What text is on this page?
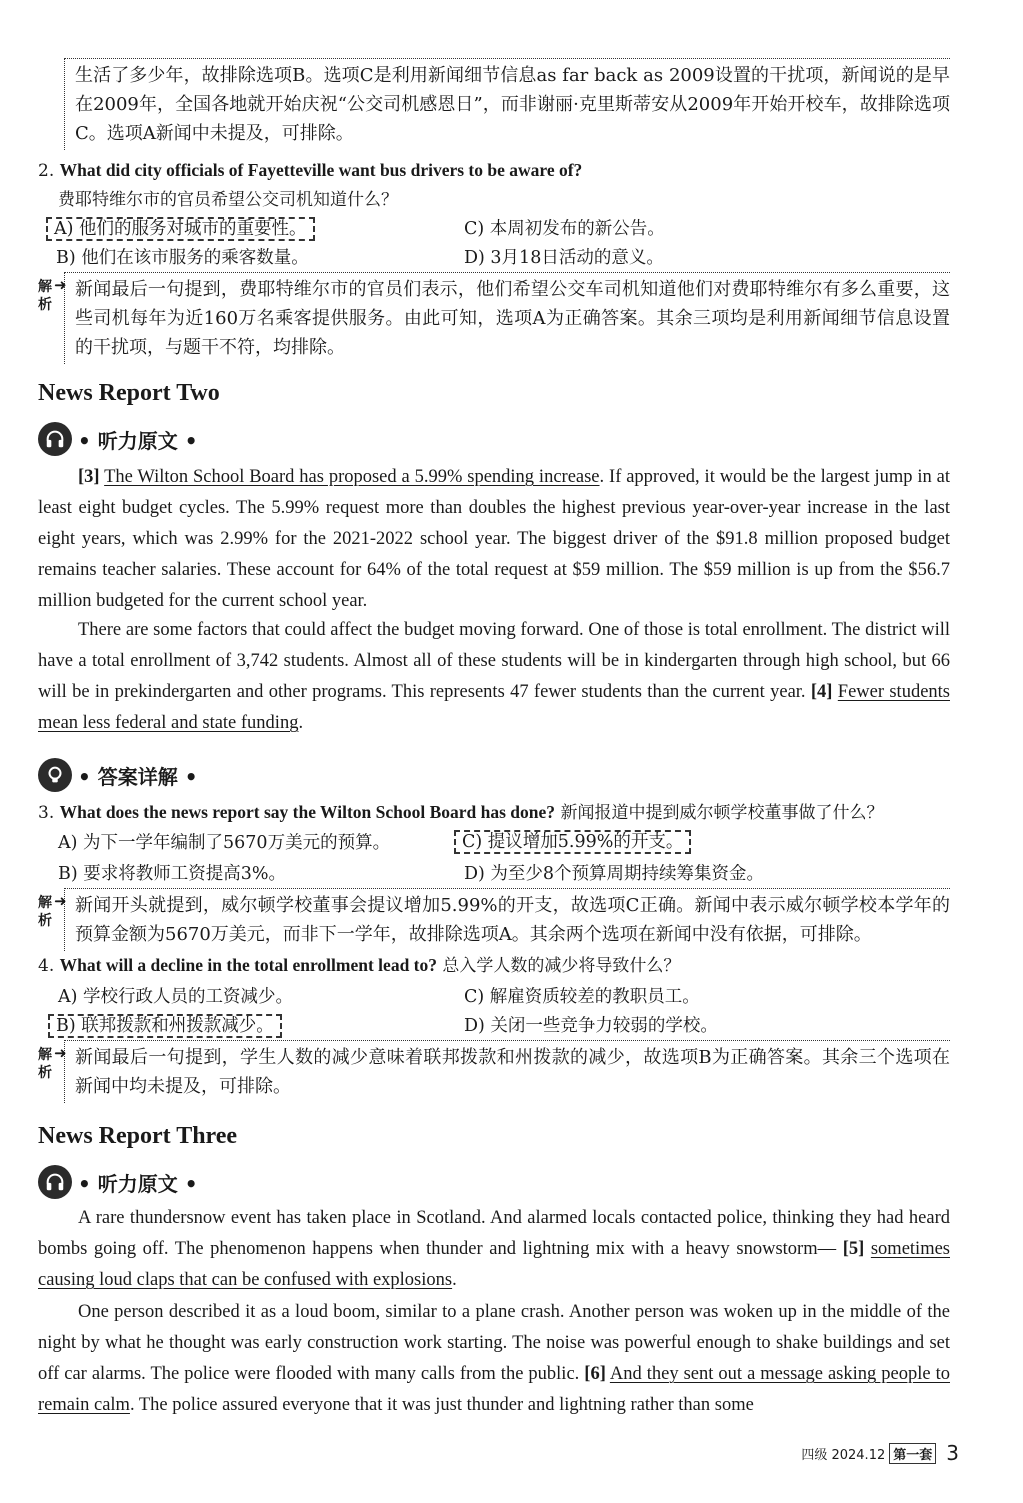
生活了多少年，故排除选项B。选项C是利用新闻细节信息as far back as 2009设置的干扰项，新闻说的是早在2009年，全国各地就开始庆祝“公交司机感恩日”，而非谢丽·克里斯蒂安从2009年开始开校车，故排除选项C。选项A新闻中未提及，可排除。
2. What did city officials of Fayetteville want bus drivers to be aware of?
费耶特维尔市的官员希望公交司机知道什么？
A) 他们的服务对城市的重要性。	C) 本周初发布的新公告。
B) 他们在该市服务的乘客数量。	D) 3月18日活动的意义。
解析
➜ 新闻最后一句提到，费耶特维尔市的官员们表示，他们希望公交车司机知道他们对费耶特维尔有多么重要，这些司机每年为近160万名乘客提供服务。由此可知，选项A为正确答案。其余三项均是利用新闻细节信息设置的干扰项，与题干不符，均排除。
News Report Two
• 听力原文 •
[3] The Wilton School Board has proposed a 5.99% spending increase. If approved, it would be the largest jump in at least eight budget cycles. The 5.99% request more than doubles the highest previous year-over-year increase in the last eight years, which was 2.99% for the 2021-2022 school year. The biggest driver of the $91.8 million proposed budget remains teacher salaries. These account for 64% of the total request at $59 million. The $59 million is up from the $56.7 million budgeted for the current school year.
There are some factors that could affect the budget moving forward. One of those is total enrollment. The district will have a total enrollment of 3,742 students. Almost all of these students will be in kindergarten through high school, but 66 will be in prekindergarten and other programs. This represents 47 fewer students than the current year. [4] Fewer students mean less federal and state funding.
• 答案详解 •
3. What does the news report say the Wilton School Board has done? 新闻报道中提到威尔顿学校董事做了什么？
A) 为下一学年编制了5670万美元的预算。	C) 提议增加5.99%的开支。
B) 要求将教师工资提高3%。	D) 为至少8个预算周期持续筹集资金。
解析
➜ 新闻开头就提到，威尔顿学校董事会提议增加5.99%的开支，故选项C正确。新闻中表示威尔顿学校本学年的预算金额为5670万美元，而非下一学年，故排除选项A。其余两个选项在新闻中没有依据，可排除。
4. What will a decline in the total enrollment lead to? 总入学人数的减少将导致什么？
A) 学校行政人员的工资减少。	C) 解雇资质较差的教职员工。
B) 联邦拨款和州拨款减少。	D) 关闭一些竞争力较弱的学校。
解析
➜ 新闻最后一句提到，学生人数的减少意味着联邦拨款和州拨款的减少，故选项B为正确答案。其余三个选项在新闻中均未提及，可排除。
News Report Three
• 听力原文 •
A rare thundersnow event has taken place in Scotland. And alarmed locals contacted police, thinking they had heard bombs going off. The phenomenon happens when thunder and lightning mix with a heavy snowstorm— [5] sometimes causing loud claps that can be confused with explosions.
One person described it as a loud boom, similar to a plane crash. Another person was woken up in the middle of the night by what he thought was early construction work starting. The noise was powerful enough to shake buildings and set off car alarms. The police were flooded with many calls from the public. [6] And they sent out a message asking people to remain calm. The police assured everyone that it was just thunder and lightning rather than some
四级 2024.12 第一套 3
